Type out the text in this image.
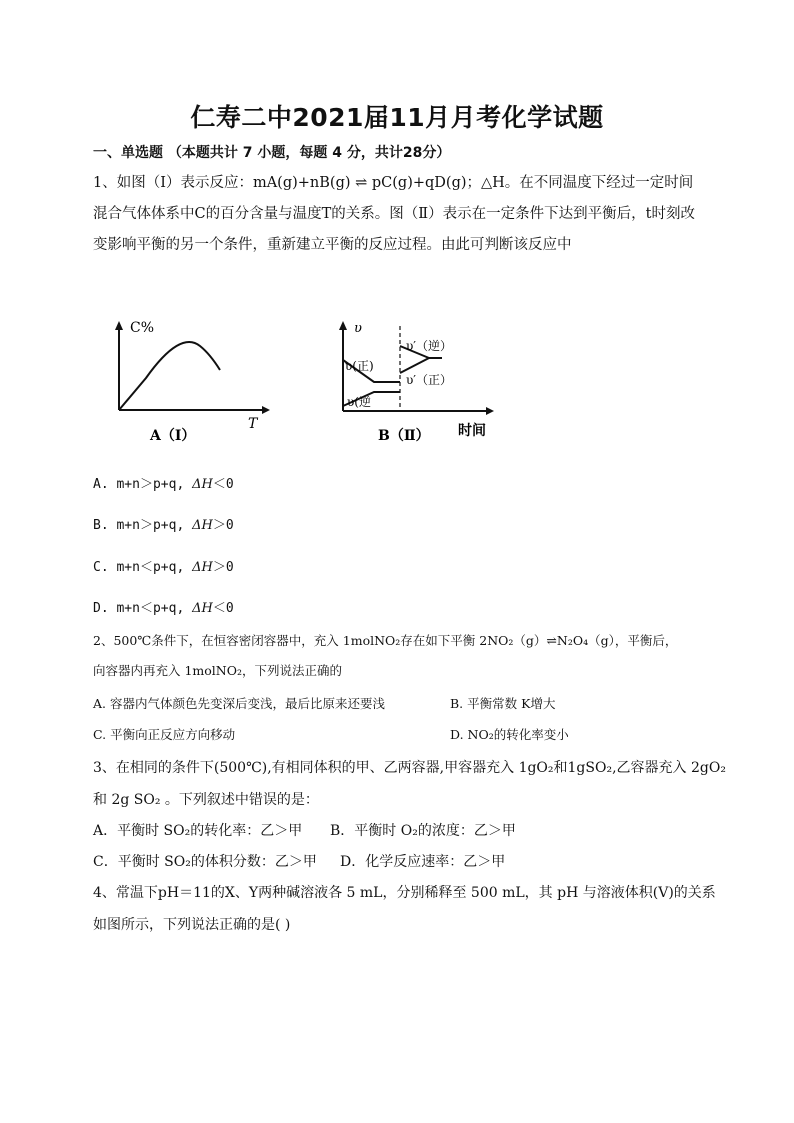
仁寿二中2021届11月月考化学试题
一、单选题 （本题共计 7 小题，每题 4 分，共计28分）
1、如图（Ⅰ）表示反应：mA(g)+nB(g) ⇌ pC(g)+qD(g)；△H。在不同温度下经过一定时间混合气体体系中C的百分含量与温度T的关系。图（Ⅱ）表示在一定条件下达到平衡后，t时刻改变影响平衡的另一个条件，重新建立平衡的反应过程。由此可判断该反应中
C%
T
A（Ⅰ）
υ
υ(正)
υ(逆
υ′（逆）
υ′（正）
B（Ⅱ） 时间
A. m+n＞p+q, ΔH＜0
B. m+n＞p+q, ΔH＞0
C. m+n＜p+q, ΔH＞0
D. m+n＜p+q, ΔH＜0
2、500℃条件下，在恒容密闭容器中，充入 1molNO₂存在如下平衡 2NO₂（g）⇌N₂O₄（g），平衡后，
向容器内再充入 1molNO₂，下列说法正确的
A. 容器内气体颜色先变深后变浅，最后比原来还要浅	B. 平衡常数 K增大
C. 平衡向正反应方向移动	D. NO₂的转化率变小
3、在相同的条件下(500℃),有相同体积的甲、乙两容器,甲容器充入 1gO₂和1gSO₂,乙容器充入 2gO₂
和 2g SO₂ 。下列叙述中错误的是：
A．平衡时 SO₂的转化率：乙＞甲 B．平衡时 O₂的浓度：乙＞甲
C．平衡时 SO₂的体积分数：乙＞甲 D．化学反应速率：乙＞甲
4、常温下pH＝11的X、Y两种碱溶液各 5 mL，分别稀释至 500 mL，其 pH 与溶液体积(V)的关系
如图所示，下列说法正确的是( )
